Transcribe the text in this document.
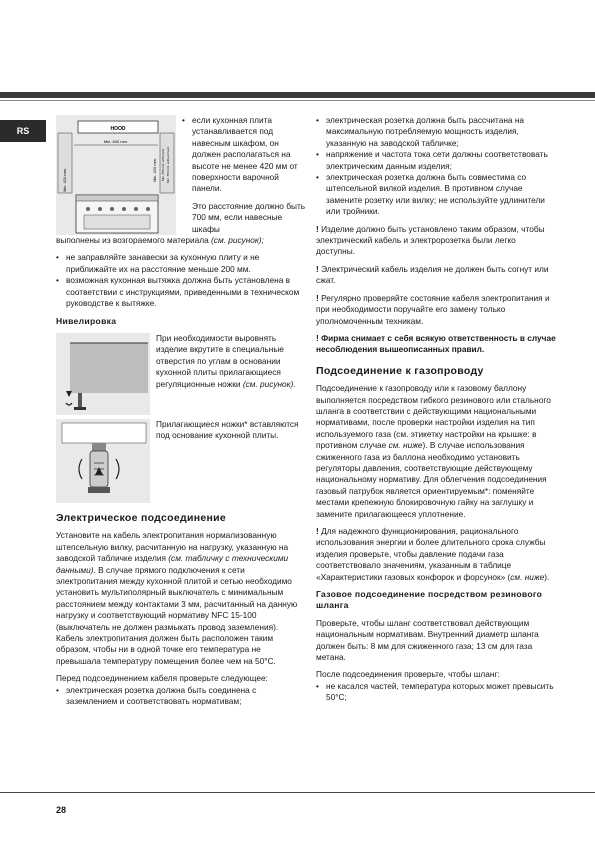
RS	HOOD
Min. 600 mm.
Min. 420 mm.	Min. 420 mm. Min. 650 mm. with hood Min. 750 mm. without hood
• если кухонная плита устанавливается под навесным шкафом, он должен располагаться на высоте не менее 420 мм от поверхности варочной панели.

Это расстояние должно быть 700 мм, если навесные шкафы

выполнены из возгораемого материала (см. рисунок);

• не заправляйте занавески за кухонную плиту и не приближайте их на расстояние меньше 200 мм.
• возможная кухонная вытяжка должна быть установлена в соответствии с инструкциями, приведенными в техническом руководстве к вытяжке.
Нивелировка

При необходимости выровнять изделие вкрутите в специальные отверстия по углам в основании кухонной плиты прилагающиеся регуляционные ножки (см. рисунок).

Прилагающиеся ножки* вставляются под основание кухонной плиты.

Электрическое подсоединение

Установите на кабель электропитания нормализованную штепсельную вилку, расчитанную на нагрузку, указанную на заводской табличке изделия (см. табличку с техническими данными). В случае прямого подключения к сети электропитания между кухонной плитой и сетью необходимо установить мультиполярный выключатель с минимальным расстоянием между контактами 3 мм, расчитанный на данную нагрузку и соответствующий нормативу NFC 15-100 (выключатель не должен размыкать провод заземления). Кабель электропитания должен быть расположен таким образом, чтобы ни в одной точке его температура не превышала температуру помещения более чем на 50°С.

Перед подсоединением кабеля проверьте следующее:

• электрическая розетка должна быть соединена с заземлением и соответствовать нормативам;
• электрическая розетка должна быть рассчитана на максимальную потребляемую мощность изделия, указанную на заводской табличке;
• напряжение и частота тока сети должны соответствовать электрическим данным изделия;
• электрическая розетка должна быть совместима со штепсельной вилкой изделия. В противном случае замените розетку или вилку; не используйте удлинители или тройники.

! Изделие должно быть установлено таким образом, чтобы электрический кабель и электророзетка были легко доступны.

! Электрический кабель изделия не должен быть согнут или сжат.

! Регулярно проверяйте состояние кабеля электропитания и при необходимости поручайте его замену только уполномоченным техникам.

! Фирма снимает с себя всякую ответственность в случае несоблюдения вышеописанных правил.

Подсоединение к газопроводу

Подсоединение к газопроводу или к газовому баллону выполняется посредством гибкого резинового или стального шланга в соответствии с действующими национальными нормативами, после проверки настройки изделия на тип используемого газа (см. этикетку настройки на крышке: в противном случае см. ниже). В случае использования сжиженного газа из баллона необходимо установить регуляторы давления, соответствующие действующему национальному нормативу. Для облегчения подсоединения газовый патрубок является ориентируемым*: поменяйте местами крепежную блокировочную гайку на заглушку и замените прилагающееся уплотнение.

! Для надежного функционирования, рационального использования энергии и более длительного срока службы изделия проверьте, чтобы давление подачи газа соответствовало значениям, указанным в таблице «Характеристики газовых конфорок и форсунок» (см. ниже).

Газовое подсоединение посредством резинового шланга

Проверьте, чтобы шланг соответствовал действующим национальным нормативам. Внутренний диаметр шланга должен быть: 8 мм для сжиженного газа; 13 см для газа метана.

После подсоединения проверьте, чтобы шланг:

• не касался частей, температура которых может превысить 50°С;
28
